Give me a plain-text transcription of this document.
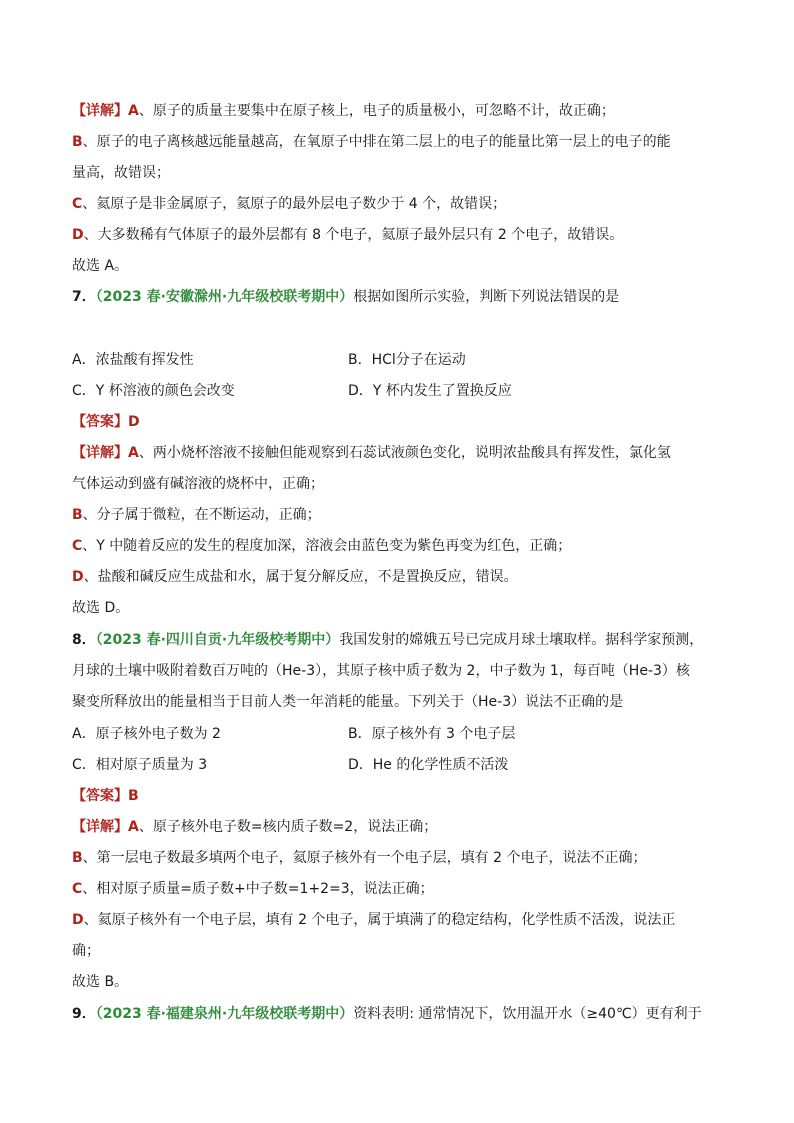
【详解】A、原子的质量主要集中在原子核上，电子的质量极小，可忽略不计，故正确；
B、原子的电子离核越远能量越高，在氧原子中排在第二层上的电子的能量比第一层上的电子的能
量高，故错误；
C、氦原子是非金属原子，氦原子的最外层电子数少于 4 个，故错误；
D、大多数稀有气体原子的最外层都有 8 个电子，氦原子最外层只有 2 个电子，故错误。
故选 A。
7．（2023 春·安徽滁州·九年级校联考期中）根据如图所示实验，判断下列说法错误的是
A．浓盐酸有挥发性	B．HCl分子在运动
C．Y 杯溶液的颜色会改变	D．Y 杯内发生了置换反应
【答案】D
【详解】A、两小烧杯溶液不接触但能观察到石蕊试液颜色变化，说明浓盐酸具有挥发性，氯化氢
气体运动到盛有碱溶液的烧杯中，正确；
B、分子属于微粒，在不断运动，正确；
C、Y 中随着反应的发生的程度加深，溶液会由蓝色变为紫色再变为红色，正确；
D、盐酸和碱反应生成盐和水，属于复分解反应，不是置换反应，错误。
故选 D。
8．（2023 春·四川自贡·九年级校考期中）我国发射的嫦娥五号已完成月球土壤取样。据科学家预测，
月球的土壤中吸附着数百万吨的（He-3），其原子核中质子数为 2，中子数为 1，每百吨（He-3）核
聚变所释放出的能量相当于目前人类一年消耗的能量。下列关于（He-3）说法不正确的是
A．原子核外电子数为 2	B．原子核外有 3 个电子层
C．相对原子质量为 3	D．He 的化学性质不活泼
【答案】B
【详解】A、原子核外电子数=核内质子数=2，说法正确；
B、第一层电子数最多填两个电子，氦原子核外有一个电子层，填有 2 个电子，说法不正确；
C、相对原子质量=质子数+中子数=1+2=3，说法正确；
D、氦原子核外有一个电子层，填有 2 个电子，属于填满了的稳定结构，化学性质不活泼，说法正
确；
故选 B。
9．（2023 春·福建泉州·九年级校联考期中）资料表明: 通常情况下，饮用温开水（≥40℃）更有利于
